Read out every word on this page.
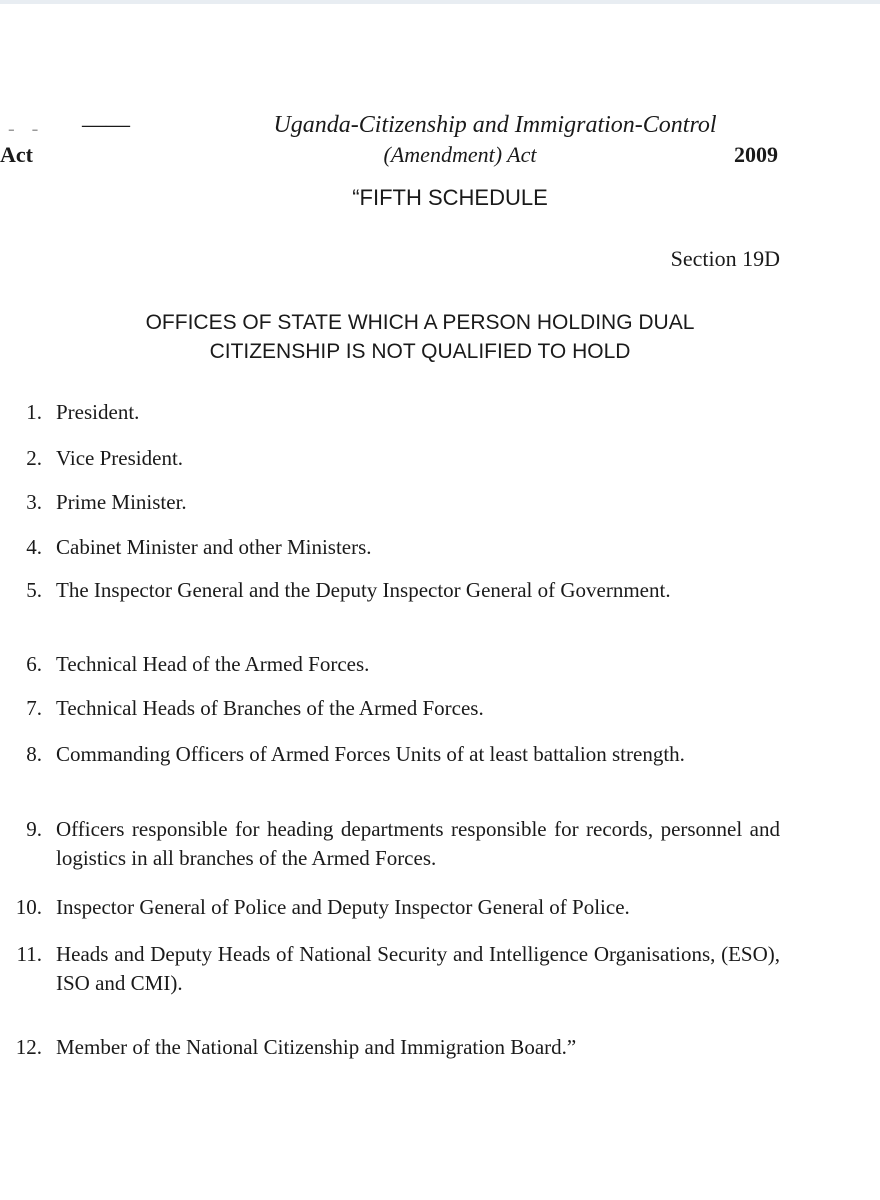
- - ——	Uganda-Citizenship and Immigration-Control
Act	(Amendment) Act	2009
“FIFTH SCHEDULE
Section 19D
OFFICES OF STATE WHICH A PERSON HOLDING DUAL
CITIZENSHIP IS NOT QUALIFIED TO HOLD
1. President.
2. Vice President.
3. Prime Minister.
4. Cabinet Minister and other Ministers.
5. The Inspector General and the Deputy Inspector General of Government.
6. Technical Head of the Armed Forces.
7. Technical Heads of Branches of the Armed Forces.
8. Commanding Officers of Armed Forces Units of at least battalion strength.
9. Officers responsible for heading departments responsible for records, personnel and logistics in all branches of the Armed Forces.
10. Inspector General of Police and Deputy Inspector General of Police.
11. Heads and Deputy Heads of National Security and Intelligence Organisations, (ESO), ISO and CMI).
12. Member of the National Citizenship and Immigration Board.”
